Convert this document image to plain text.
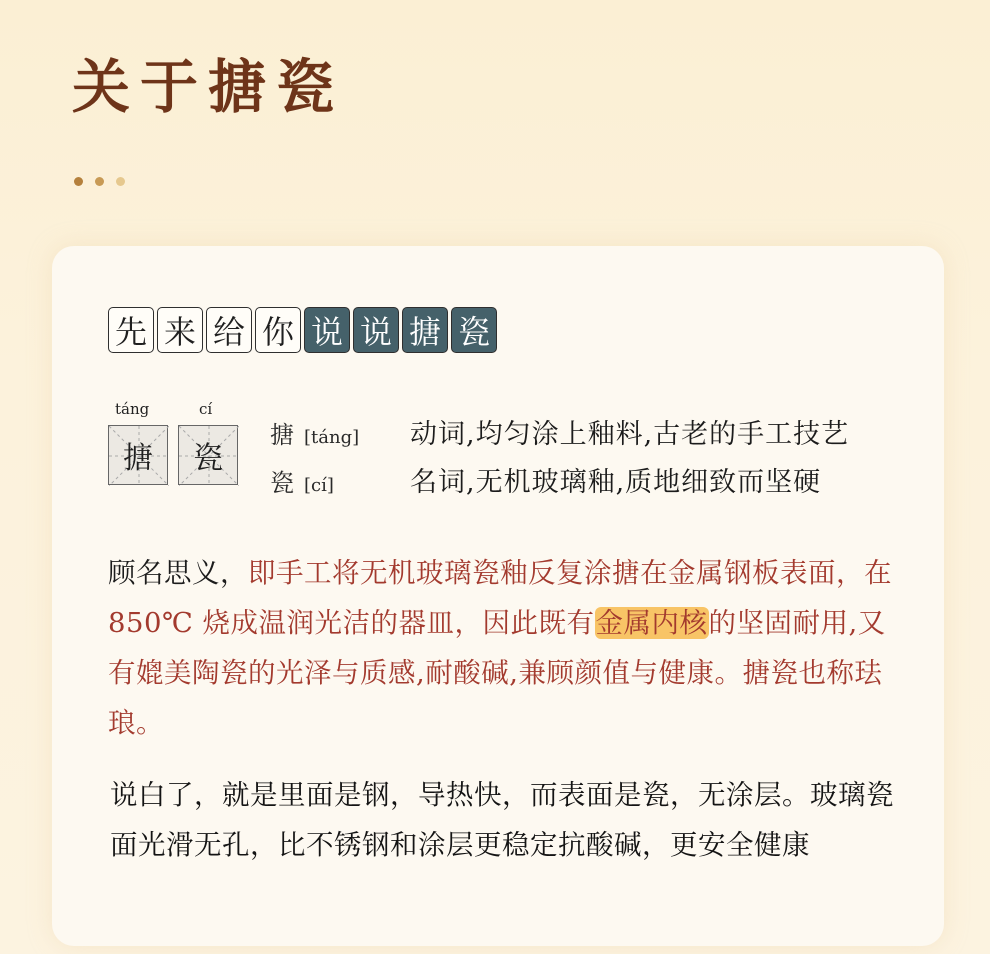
关于搪瓷
先 来 给 你 说 说 搪 瓷
táng	cí
搪	瓷
搪 [táng]	动词,均匀涂上釉料,古老的手工技艺
瓷 [cí]	名词,无机玻璃釉,质地细致而坚硬
顾名思义，即手工将无机玻璃瓷釉反复涂搪在金属钢板表面，在 850℃ 烧成温润光洁的器皿，因此既有金属内核的坚固耐用,又有媲美陶瓷的光泽与质感,耐酸碱,兼顾颜值与健康。搪瓷也称珐琅。
说白了，就是里面是钢，导热快，而表面是瓷，无涂层。玻璃瓷面光滑无孔，比不锈钢和涂层更稳定抗酸碱，更安全健康
